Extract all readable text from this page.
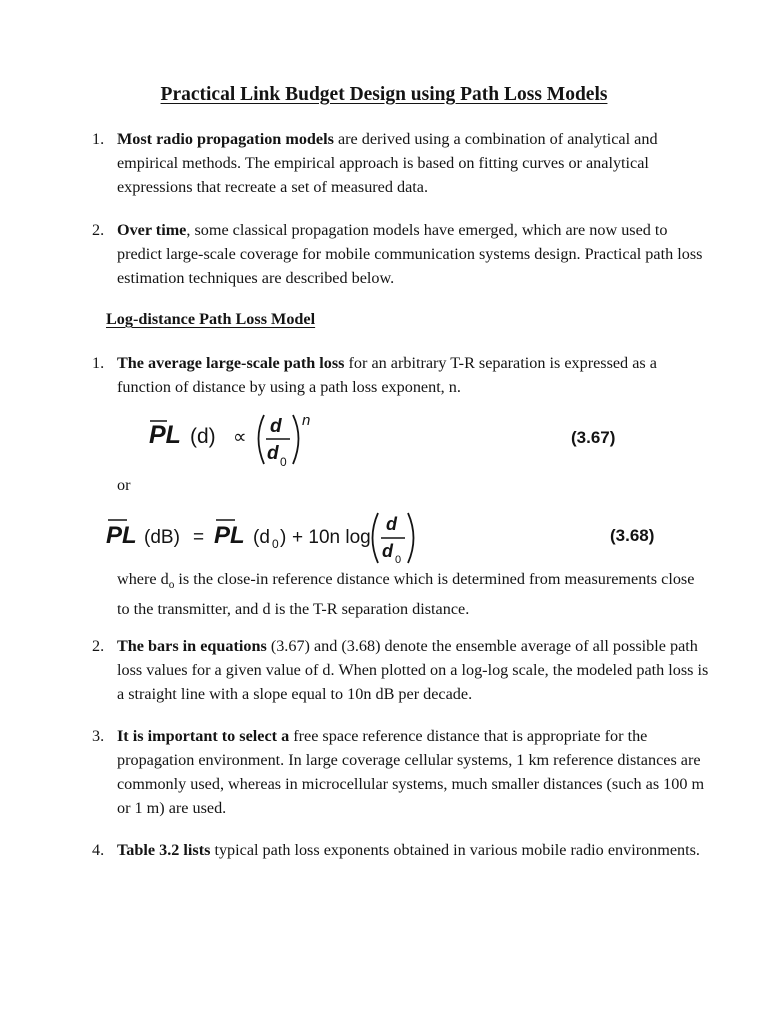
Practical Link Budget Design using Path Loss Models
1. Most radio propagation models are derived using a combination of analytical and empirical methods. The empirical approach is based on fitting curves or analytical expressions that recreate a set of measured data.
2. Over time, some classical propagation models have emerged, which are now used to predict large-scale coverage for mobile communication systems design. Practical path loss estimation techniques are described below.
Log-distance Path Loss Model
1. The average large-scale path loss for an arbitrary T-R separation is expressed as a function of distance by using a path loss exponent, n.
PL (d) ∝ d
d 0
n
(3.67)
or
PL (dB) = PL (d 0 ) + 10n log
d
d 0
(3.68)
where $d_o$ is the close-in reference distance which is determined from measurements close to the transmitter, and d is the T-R separation distance.
2. The bars in equations (3.67) and (3.68) denote the ensemble average of all possible path loss values for a given value of d. When plotted on a log-log scale, the modeled path loss is a straight line with a slope equal to 10n dB per decade.
3. It is important to select a free space reference distance that is appropriate for the propagation environment. In large coverage cellular systems, 1 km reference distances are commonly used, whereas in microcellular systems, much smaller distances (such as 100 m or 1 m) are used.
4. Table 3.2 lists typical path loss exponents obtained in various mobile radio environments.
